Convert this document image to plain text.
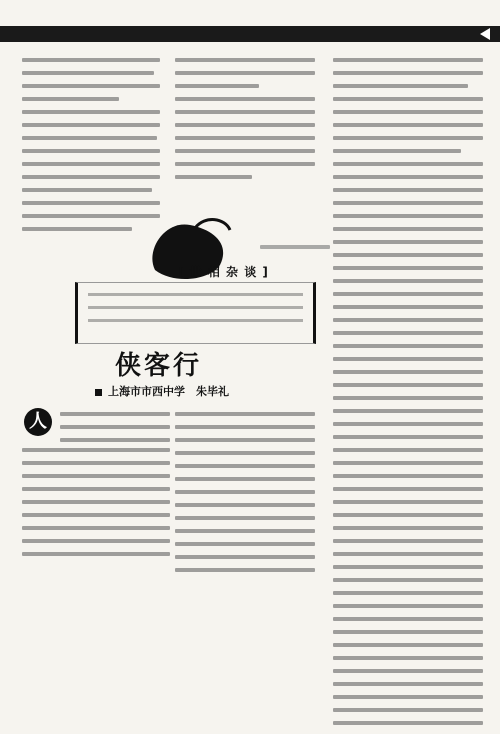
[ 世 相 杂 谈 ]
侠客行
上海市市西中学　朱毕礼
人
